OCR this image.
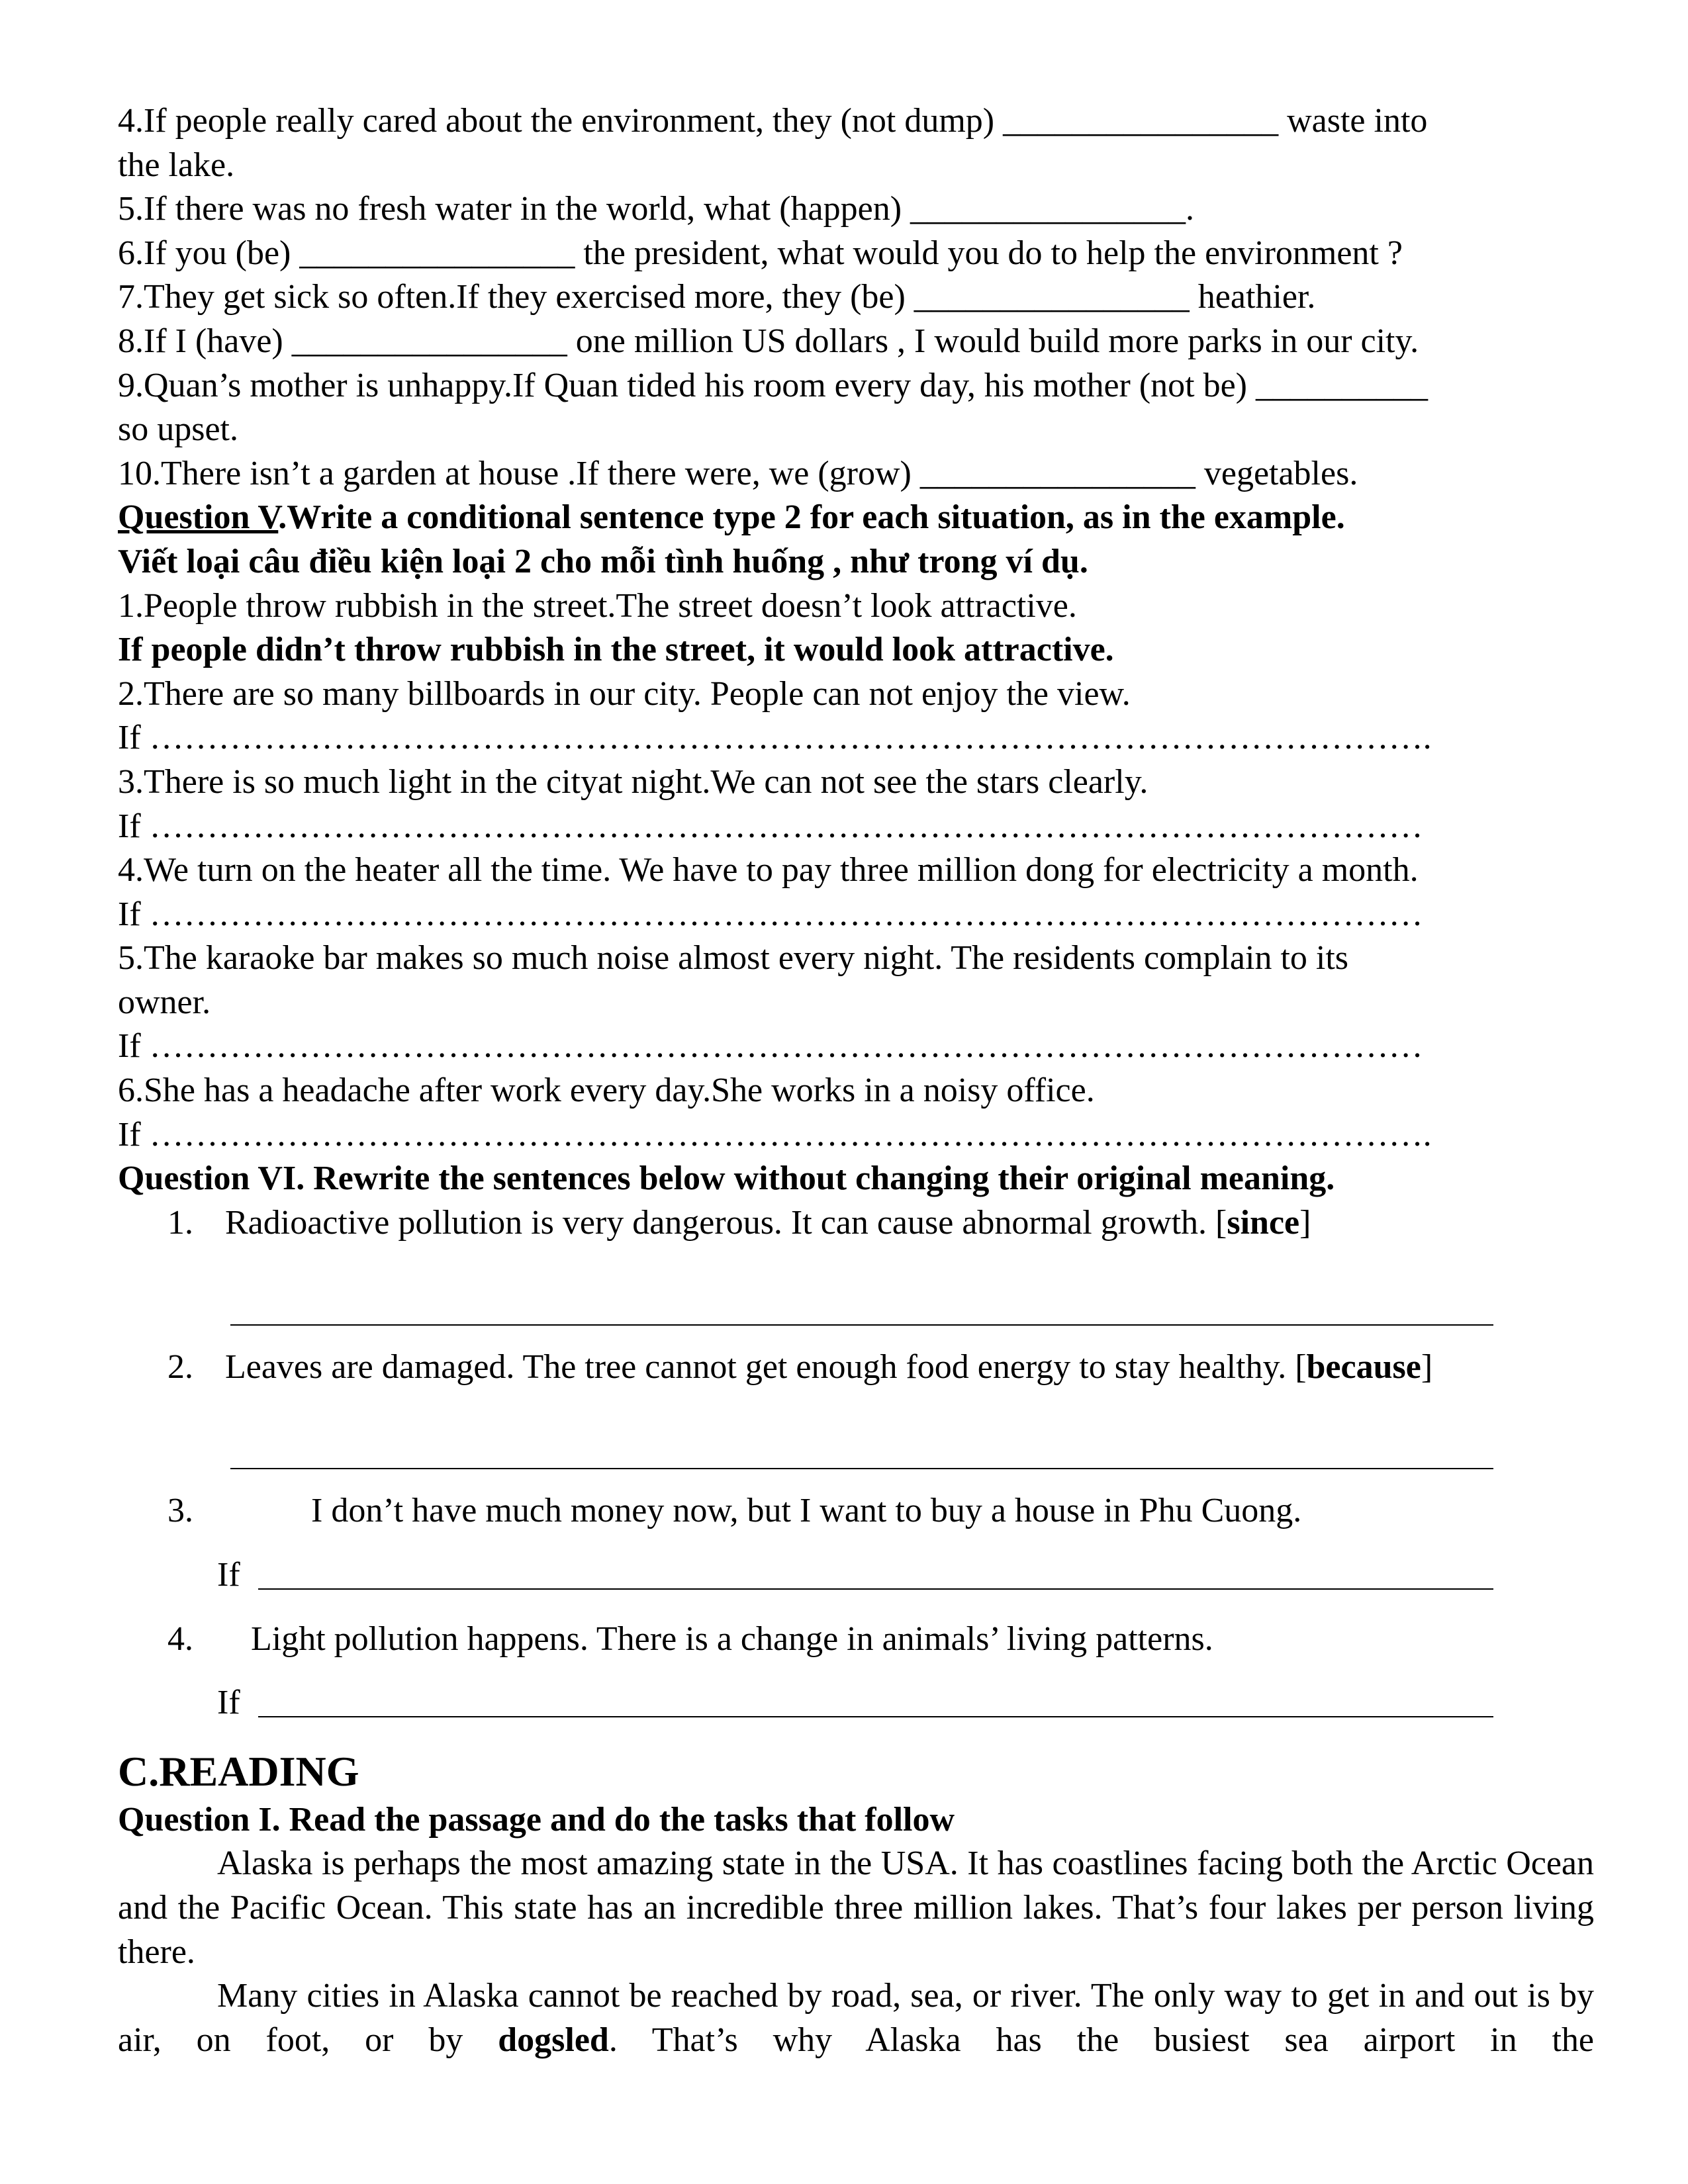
4.If people really cared about the environment, they (not dump) ________________ waste into
the lake.
5.If there was no fresh water in the world, what (happen) ________________.
6.If you (be) ________________ the president, what would you do to help the environment ?
7.They get sick so often.If they exercised more, they (be) ________________ heathier.
8.If I (have) ________________ one million US dollars , I would build more parks in our city.
9.Quan’s mother is unhappy.If Quan tided his room every day, his mother (not be) __________
so upset.
10.There isn’t a garden at house .If there were, we (grow) ________________ vegetables.
Question V.Write a conditional sentence type 2 for each situation, as in the example.
Viết loại câu điều kiện loại 2 cho mỗi tình huống , như trong ví dụ.
1.People throw rubbish in the street.The street doesn’t look attractive.
If people didn’t throw rubbish in the street, it would look attractive.
2.There are so many billboards in our city. People can not enjoy the view.
If ………………………………………………………………………………………………….
3.There is so much light in the cityat night.We can not see the stars clearly.
If …………………………………………………………………………………………………
4.We turn on the heater all the time. We have to pay three million dong for electricity a month.
If …………………………………………………………………………………………………
5.The karaoke bar makes so much noise almost every night. The residents complain to its
owner.
If …………………………………………………………………………………………………
6.She has a headache after work every day.She works in a noisy office.
If ………………………………………………………………………………………………….
Question VI. Rewrite the sentences below without changing their original meaning.
1. Radioactive pollution is very dangerous. It can cause abnormal growth. [since]
2. Leaves are damaged. The tree cannot get enough food energy to stay healthy. [because]
3. I don’t have much money now, but I want to buy a house in Phu Cuong.
If
4. Light pollution happens. There is a change in animals’ living patterns.
If
C.READING
Question I. Read the passage and do the tasks that follow
Alaska is perhaps the most amazing state in the USA. It has coastlines facing both the Arctic Ocean and the Pacific Ocean. This state has an incredible three million lakes. That’s four lakes per person living there.
Many cities in Alaska cannot be reached by road, sea, or river. The only way to get in and out is by air, on foot, or by dogsled. That’s why Alaska has the busiest sea airport in the
